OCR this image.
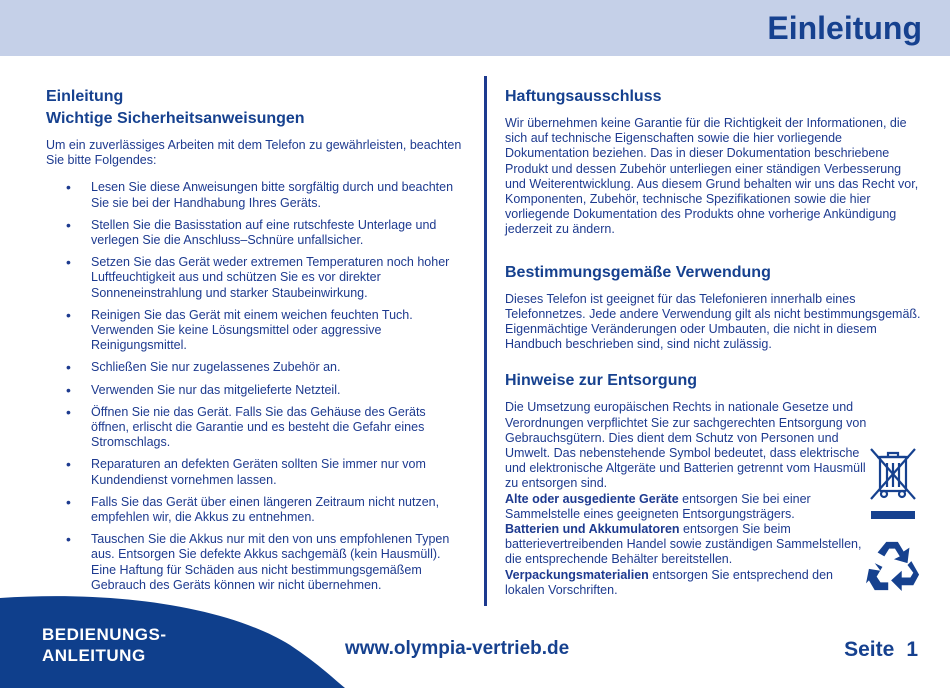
Einleitung
Einleitung
Wichtige Sicherheitsanweisungen

Um ein zuverlässiges Arbeiten mit dem Telefon zu gewährleisten, beachten Sie bitte Folgendes:

• Lesen Sie diese Anweisungen bitte sorgfältig durch und beachten Sie sie bei der Handhabung Ihres Geräts.
• Stellen Sie die Basisstation auf eine rutschfeste Unterlage und verlegen Sie die Anschluss–Schnüre unfallsicher.
• Setzen Sie das Gerät weder extremen Temperaturen noch hoher Luftfeuchtigkeit aus und schützen Sie es vor direkter Sonneneinstrahlung und starker Staubeinwirkung.
• Reinigen Sie das Gerät mit einem weichen feuchten Tuch. Verwenden Sie keine Lösungsmittel oder aggressive Reinigungsmittel.
• Schließen Sie nur zugelassenes Zubehör an.
• Verwenden Sie nur das mitgelieferte Netzteil.
• Öffnen Sie nie das Gerät. Falls Sie das Gehäuse des Geräts öffnen, erlischt die Garantie und es besteht die Gefahr eines Stromschlags.
• Reparaturen an defekten Geräten sollten Sie immer nur vom Kundendienst vornehmen lassen.
• Falls Sie das Gerät über einen längeren Zeitraum nicht nutzen, empfehlen wir, die Akkus zu entnehmen.
• Tauschen Sie die Akkus nur mit den von uns empfohlenen Typen aus. Entsorgen Sie defekte Akkus sachgemäß (kein Hausmüll). Eine Haftung für Schäden aus nicht bestimmungsgemäßem Gebrauch des Geräts können wir nicht übernehmen.
Haftungsausschluss

Wir übernehmen keine Garantie für die Richtigkeit der Informationen, die sich auf technische Eigenschaften sowie die hier vorliegende Dokumentation beziehen. Das in dieser Dokumentation beschriebene Produkt und dessen Zubehör unterliegen einer ständigen Verbesserung und Weiterentwicklung. Aus diesem Grund behalten wir uns das Recht vor, Komponenten, Zubehör, technische Spezifikationen sowie die hier vorliegende Dokumentation des Produkts ohne vorherige Ankündigung jederzeit zu ändern.

Bestimmungsgemäße Verwendung

Dieses Telefon ist geeignet für das Telefonieren innerhalb eines Telefonnetzes. Jede andere Verwendung gilt als nicht bestimmungsgemäß. Eigenmächtige Veränderungen oder Umbauten, die nicht in diesem Handbuch beschrieben sind, sind nicht zulässig.

Hinweise zur Entsorgung

Die Umsetzung europäischen Rechts in nationale Gesetze und Verordnungen verpflichtet Sie zur sachgerechten Entsorgung von Gebrauchsgütern. Dies dient dem Schutz von Personen und Umwelt. Das nebenstehende Symbol bedeutet, dass elektrische und elektronische Altgeräte und Batterien getrennt vom Hausmüll zu entsorgen sind.

Alte oder ausgediente Geräte entsorgen Sie bei einer Sammelstelle eines geeigneten Entsorgungsträgers.

Batterien und Akkumulatoren entsorgen Sie beim batterievertreibenden Handel sowie zuständigen Sammelstellen, die entsprechende Behälter bereitstellen.

Verpackungsmaterialien entsorgen Sie entsprechend den lokalen Vorschriften.

BEDIENUNGS-
ANLEITUNG	www.olympia-vertrieb.de	Seite 1
